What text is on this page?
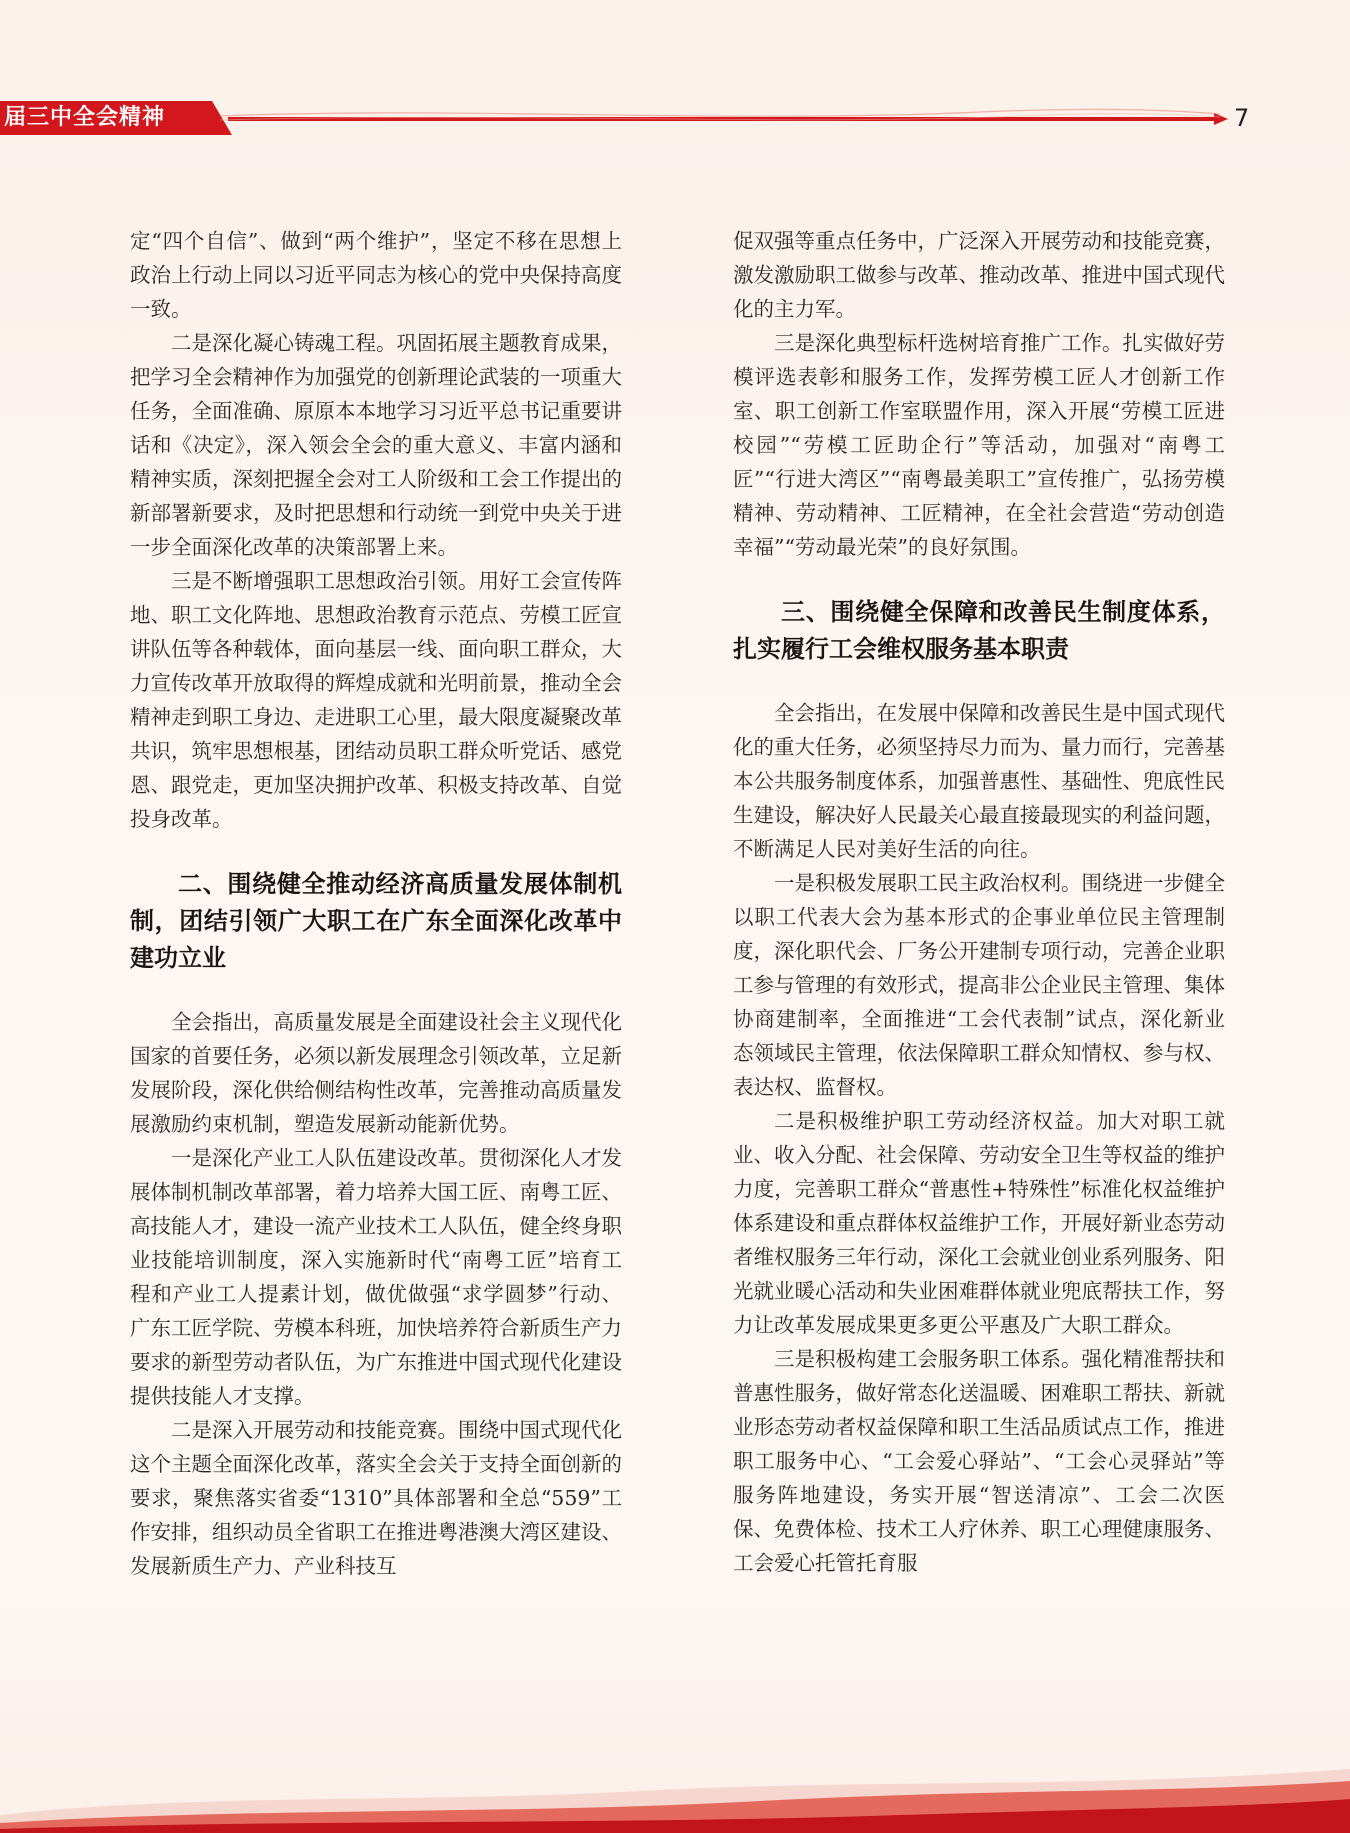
届三中全会精神	7

定“四个自信”、做到“两个维护”，坚定不移在思想上政治上行动上同以习近平同志为核心的党中央保持高度一致。

二是深化凝心铸魂工程。巩固拓展主题教育成果，把学习全会精神作为加强党的创新理论武装的一项重大任务，全面准确、原原本本地学习习近平总书记重要讲话和《决定》，深入领会全会的重大意义、丰富内涵和精神实质，深刻把握全会对工人阶级和工会工作提出的新部署新要求，及时把思想和行动统一到党中央关于进一步全面深化改革的决策部署上来。

三是不断增强职工思想政治引领。用好工会宣传阵地、职工文化阵地、思想政治教育示范点、劳模工匠宣讲队伍等各种载体，面向基层一线、面向职工群众，大力宣传改革开放取得的辉煌成就和光明前景，推动全会精神走到职工身边、走进职工心里，最大限度凝聚改革共识，筑牢思想根基，团结动员职工群众听党话、感党恩、跟党走，更加坚决拥护改革、积极支持改革、自觉投身改革。

二、围绕健全推动经济高质量发展体制机制，团结引领广大职工在广东全面深化改革中建功立业

全会指出，高质量发展是全面建设社会主义现代化国家的首要任务，必须以新发展理念引领改革，立足新发展阶段，深化供给侧结构性改革，完善推动高质量发展激励约束机制，塑造发展新动能新优势。

一是深化产业工人队伍建设改革。贯彻深化人才发展体制机制改革部署，着力培养大国工匠、南粤工匠、高技能人才，建设一流产业技术工人队伍，健全终身职业技能培训制度，深入实施新时代“南粤工匠”培育工程和产业工人提素计划，做优做强“求学圆梦”行动、广东工匠学院、劳模本科班，加快培养符合新质生产力要求的新型劳动者队伍，为广东推进中国式现代化建设提供技能人才支撑。

二是深入开展劳动和技能竞赛。围绕中国式现代化这个主题全面深化改革，落实全会关于支持全面创新的要求，聚焦落实省委“1310”具体部署和全总“559”工作安排，组织动员全省职工在推进粤港澳大湾区建设、发展新质生产力、产业科技互

促双强等重点任务中，广泛深入开展劳动和技能竞赛，激发激励职工做参与改革、推动改革、推进中国式现代化的主力军。

三是深化典型标杆选树培育推广工作。扎实做好劳模评选表彰和服务工作，发挥劳模工匠人才创新工作室、职工创新工作室联盟作用，深入开展“劳模工匠进校园”“劳模工匠助企行”等活动，加强对“南粤工匠”“行进大湾区”“南粤最美职工”宣传推广，弘扬劳模精神、劳动精神、工匠精神，在全社会营造“劳动创造幸福”“劳动最光荣”的良好氛围。

三、围绕健全保障和改善民生制度体系，扎实履行工会维权服务基本职责

全会指出，在发展中保障和改善民生是中国式现代化的重大任务，必须坚持尽力而为、量力而行，完善基本公共服务制度体系，加强普惠性、基础性、兜底性民生建设，解决好人民最关心最直接最现实的利益问题，不断满足人民对美好生活的向往。

一是积极发展职工民主政治权利。围绕进一步健全以职工代表大会为基本形式的企事业单位民主管理制度，深化职代会、厂务公开建制专项行动，完善企业职工参与管理的有效形式，提高非公企业民主管理、集体协商建制率，全面推进“工会代表制”试点，深化新业态领域民主管理，依法保障职工群众知情权、参与权、表达权、监督权。

二是积极维护职工劳动经济权益。加大对职工就业、收入分配、社会保障、劳动安全卫生等权益的维护力度，完善职工群众“普惠性+特殊性”标准化权益维护体系建设和重点群体权益维护工作，开展好新业态劳动者维权服务三年行动，深化工会就业创业系列服务、阳光就业暖心活动和失业困难群体就业兜底帮扶工作，努力让改革发展成果更多更公平惠及广大职工群众。

三是积极构建工会服务职工体系。强化精准帮扶和普惠性服务，做好常态化送温暖、困难职工帮扶、新就业形态劳动者权益保障和职工生活品质试点工作，推进职工服务中心、“工会爱心驿站”、“工会心灵驿站”等服务阵地建设，务实开展“智送清凉”、工会二次医保、免费体检、技术工人疗休养、职工心理健康服务、工会爱心托管托育服
